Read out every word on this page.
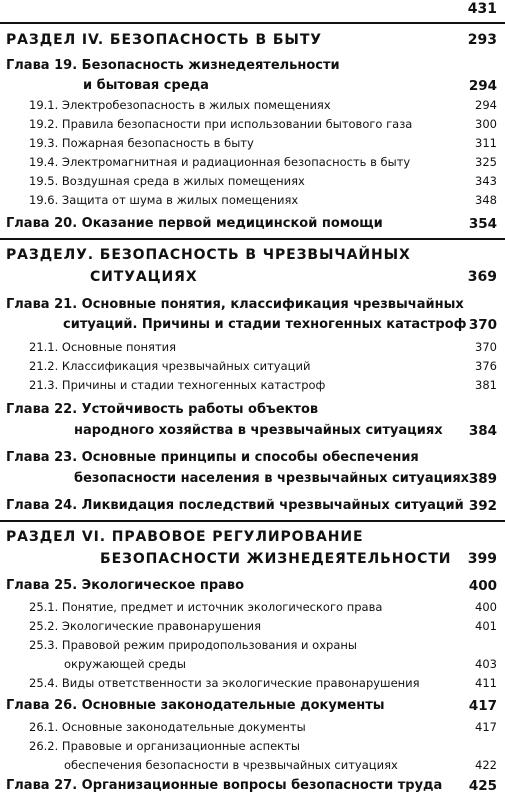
431
РАЗДЕЛ IV. БЕЗОПАСНОСТЬ В БЫТУ	293
Глава 19. Безопасность жизнедеятельности
и бытовая среда	294
19.1. Электробезопасность в жилых помещениях	294
19.2. Правила безопасности при использовании бытового газа	300
19.3. Пожарная безопасность в быту	311
19.4. Электромагнитная и радиационная безопасность в быту	325
19.5. Воздушная среда в жилых помещениях	343
19.6. Защита от шума в жилых помещениях	348
Глава 20. Оказание первой медицинской помощи	354
РАЗДЕЛУ. БЕЗОПАСНОСТЬ В ЧРЕЗВЫЧАЙНЫХ
СИТУАЦИЯХ	369
Глава 21. Основные понятия, классификация чрезвычайных
ситуаций. Причины и стадии техногенных катастроф 370
21.1. Основные понятия	370
21.2. Классификация чрезвычайных ситуаций	376
21.3. Причины и стадии техногенных катастроф	381
Глава 22. Устойчивость работы объектов
народного хозяйства в чрезвычайных ситуациях 384
Глава 23. Основные принципы и способы обеспечения
безопасности населения в чрезвычайных ситуациях 389
Глава 24. Ликвидация последствий чрезвычайных ситуаций 392
РАЗДЕЛ VI. ПРАВОВОЕ РЕГУЛИРОВАНИЕ
БЕЗОПАСНОСТИ ЖИЗНЕДЕЯТЕЛЬНОСТИ 399
Глава 25. Экологическое право	400
25.1. Понятие, предмет и источник экологического права	400
25.2. Экологические правонарушения	401
25.3. Правовой режим природопользования и охраны
окружающей среды	403
25.4. Виды ответственности за экологические правонарушения	411
Глава 26. Основные законодательные документы	417
26.1. Основные законодательные документы	417
26.2. Правовые и организационные аспекты
обеспечения безопасности в чрезвычайных ситуациях	422
Глава 27. Организационные вопросы безопасности труда 425
